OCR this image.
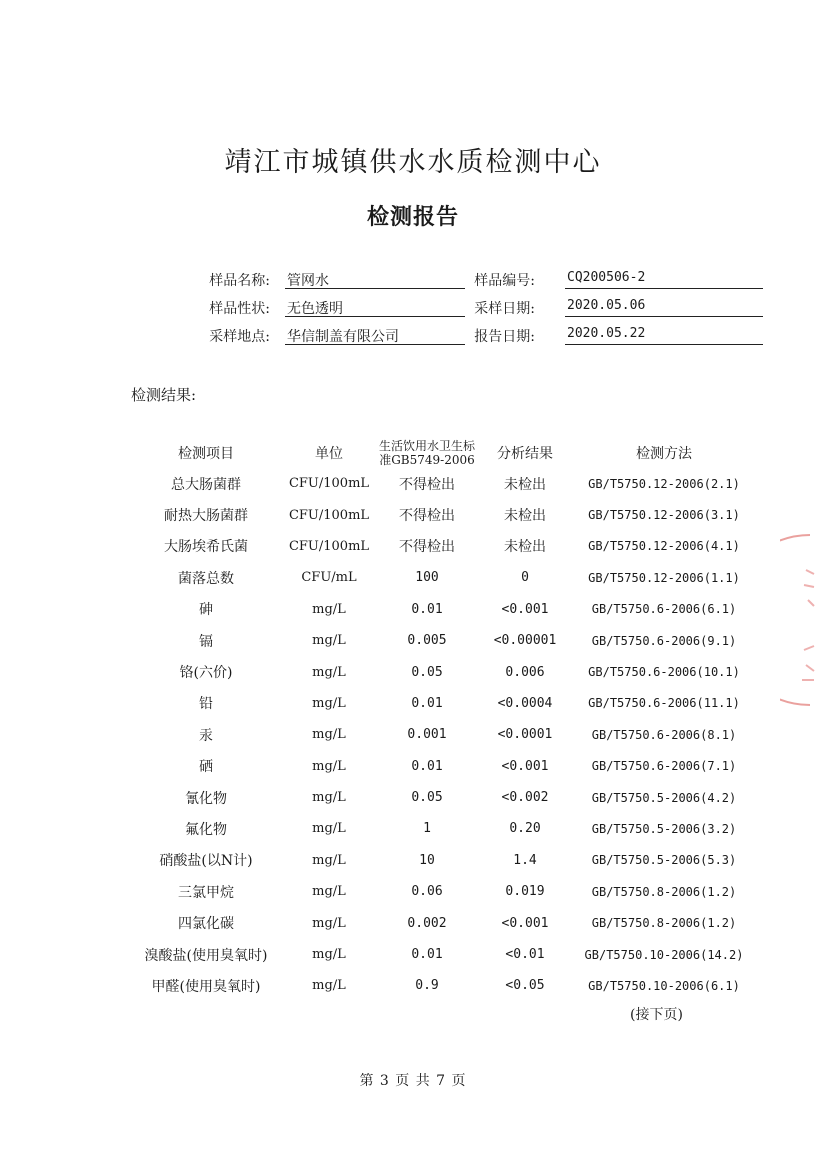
靖江市城镇供水水质检测中心
检测报告
样品名称: 管网水	样品编号: CQ200506-2
样品性状: 无色透明	采样日期: 2020.05.06
采样地点: 华信制盖有限公司	报告日期: 2020.05.22
检测结果:
检测项目	单位	生活饮用水卫生标准GB5749-2006	分析结果	检测方法
总大肠菌群	CFU/100mL	不得检出	未检出	GB/T5750.12-2006(2.1)
耐热大肠菌群	CFU/100mL	不得检出	未检出	GB/T5750.12-2006(3.1)
大肠埃希氏菌	CFU/100mL	不得检出	未检出	GB/T5750.12-2006(4.1)
菌落总数	CFU/mL	100	0	GB/T5750.12-2006(1.1)
砷	mg/L	0.01	<0.001	GB/T5750.6-2006(6.1)
镉	mg/L	0.005	<0.00001	GB/T5750.6-2006(9.1)
铬(六价)	mg/L	0.05	0.006	GB/T5750.6-2006(10.1)
铅	mg/L	0.01	<0.0004	GB/T5750.6-2006(11.1)
汞	mg/L	0.001	<0.0001	GB/T5750.6-2006(8.1)
硒	mg/L	0.01	<0.001	GB/T5750.6-2006(7.1)
氰化物	mg/L	0.05	<0.002	GB/T5750.5-2006(4.2)
氟化物	mg/L	1	0.20	GB/T5750.5-2006(3.2)
硝酸盐(以N计)	mg/L	10	1.4	GB/T5750.5-2006(5.3)
三氯甲烷	mg/L	0.06	0.019	GB/T5750.8-2006(1.2)
四氯化碳	mg/L	0.002	<0.001	GB/T5750.8-2006(1.2)
溴酸盐(使用臭氧时)	mg/L	0.01	<0.01	GB/T5750.10-2006(14.2)
甲醛(使用臭氧时)	mg/L	0.9	<0.05	GB/T5750.10-2006(6.1)
(接下页)
第 3 页 共 7 页
